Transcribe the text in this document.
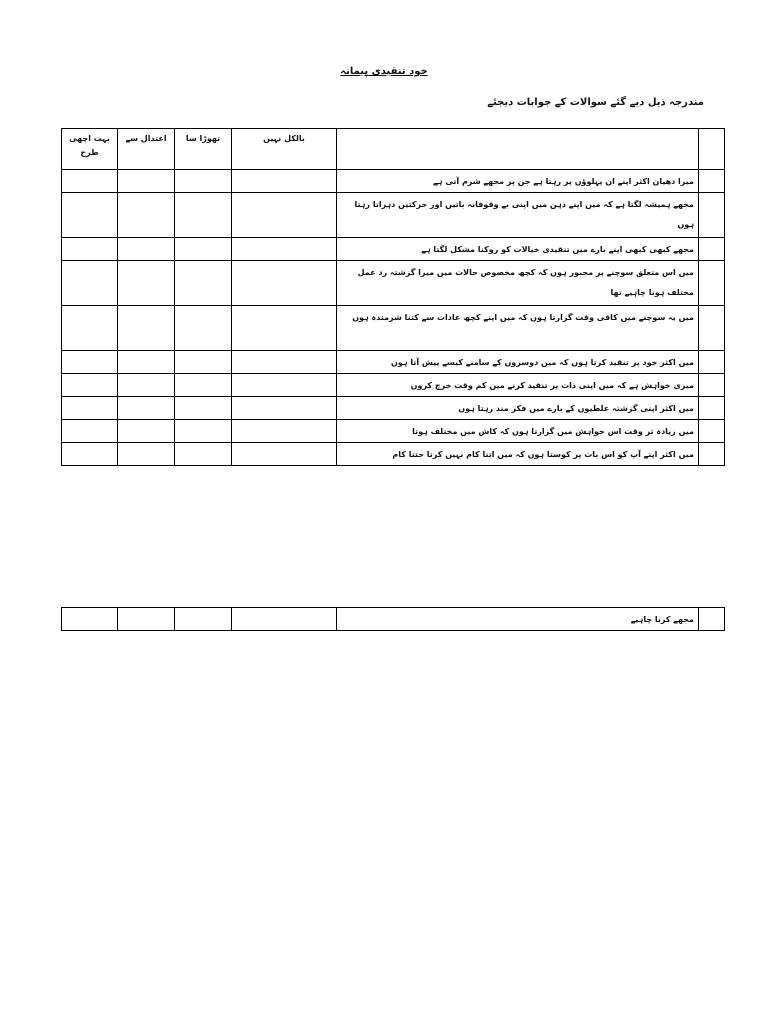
خود تنقیدی پیمانہ
مندرجہ ذیل دیے گئے سوالات کے جوابات دیجئے
بہت اچھی طرح	اعتدال سے	تھوڑا سا	بالکل نہیں		
				میرا دھیان اکثر اپنے ان پہلوؤں پر رہتا ہے جن پر مجھے شرم آتی ہے	
				مجھے ہمیشہ لگتا ہے کہ میں اپنے ذہن میں اپنی بے وقوفانہ باتیں اور حرکتیں دہراتا رہتا ہوں	
				مجھے کبھی کبھی اپنے بارے میں تنقیدی خیالات کو روکنا مشکل لگتا ہے	
				میں اس متعلق سوچنے پر مجبور ہوں کہ کچھ مخصوص حالات میں میرا گزشتہ رد عمل مختلف ہونا چاہیے تھا	
				میں یہ سوچنے میں کافی وقت گزارتا ہوں کہ میں اپنے کچھ عادات سے کتنا شرمندہ ہوں	
				میں اکثر خود پر تنقید کرتا ہوں کہ میں دوسروں کے سامنے کیسے پیش آتا ہوں	
				میری خواہش ہے کہ میں اپنی ذات پر تنقید کرنے میں کم وقت خرچ کروں	
				میں اکثر اپنی گزشتہ غلطیوں کے بارے میں فکر مند رہتا ہوں	
				میں زیادہ تر وقت اس خواہش میں گزارتا ہوں کہ کاش میں مختلف ہوتا	
				میں اکثر اپنے آپ کو اس بات پر کوستا ہوں کہ میں اتنا کام نہیں کرتا جتنا کام	
				مجھے کرنا چاہیے	
